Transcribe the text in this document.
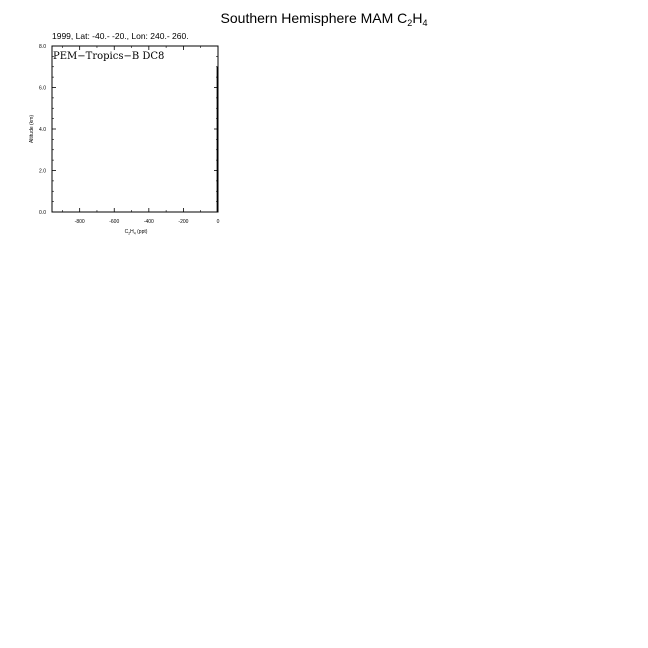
Southern Hemisphere MAM $C_2H_4$
1999, Lat: -40.- -20., Lon: 240.- 260.
-800	-600	-400	-200	0
0.0
2.0
4.0
6.0
8.0
PEM−Tropics−B DC8
$C_2H_4$ (ppt)
Altitude (km)
